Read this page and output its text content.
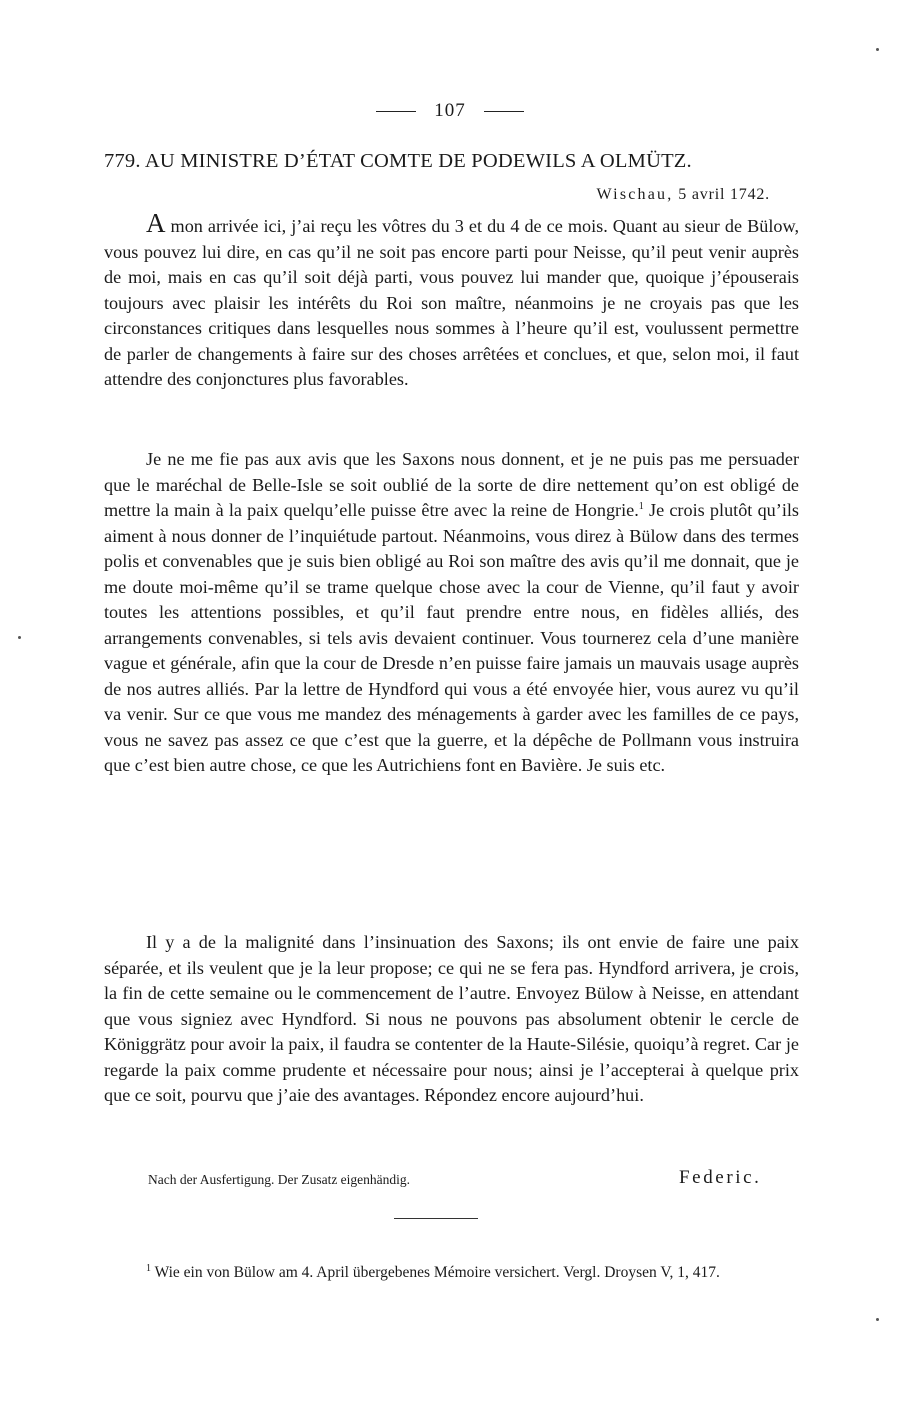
107
779. AU MINISTRE D’ÉTAT COMTE DE PODEWILS A OLMÜTZ.
Wischau, 5 avril 1742.

A mon arrivée ici, j’ai reçu les vôtres du 3 et du 4 de ce mois. Quant au sieur de Bülow, vous pouvez lui dire, en cas qu’il ne soit pas encore parti pour Neisse, qu’il peut venir auprès de moi, mais en cas qu’il soit déjà parti, vous pouvez lui mander que, quoique j’épouserais toujours avec plaisir les intérêts du Roi son maître, néanmoins je ne croyais pas que les circonstances critiques dans lesquelles nous sommes à l’heure qu’il est, voulussent permettre de parler de changements à faire sur des choses arrêtées et conclues, et que, selon moi, il faut attendre des conjonctures plus favorables.

Je ne me fie pas aux avis que les Saxons nous donnent, et je ne puis pas me persuader que le maréchal de Belle-Isle se soit oublié de la sorte de dire nettement qu’on est obligé de mettre la main à la paix quelqu’elle puisse être avec la reine de Hongrie.$^1$ Je crois plutôt qu’ils aiment à nous donner de l’inquiétude partout. Néanmoins, vous direz à Bülow dans des termes polis et convenables que je suis bien obligé au Roi son maître des avis qu’il me donnait, que je me doute moi-même qu’il se trame quelque chose avec la cour de Vienne, qu’il faut y avoir toutes les attentions possibles, et qu’il faut prendre entre nous, en fidèles alliés, des arrangements convenables, si tels avis devaient continuer. Vous tournerez cela d’une manière vague et générale, afin que la cour de Dresde n’en puisse faire jamais un mauvais usage auprès de nos autres alliés. Par la lettre de Hyndford qui vous a été envoyée hier, vous aurez vu qu’il va venir. Sur ce que vous me mandez des ménagements à garder avec les familles de ce pays, vous ne savez pas assez ce que c’est que la guerre, et la dépêche de Pollmann vous instruira que c’est bien autre chose, ce que les Autrichiens font en Bavière. Je suis etc.

Il y a de la malignité dans l’insinuation des Saxons; ils ont envie de faire une paix séparée, et ils veulent que je la leur propose; ce qui ne se fera pas. Hyndford arrivera, je crois, la fin de cette semaine ou le commencement de l’autre. Envoyez Bülow à Neisse, en attendant que vous signiez avec Hyndford. Si nous ne pouvons pas absolument obtenir le cercle de Königgrätz pour avoir la paix, il faudra se contenter de la Haute-Silésie, quoiqu’à regret. Car je regarde la paix comme prudente et nécessaire pour nous; ainsi je l’accepterai à quelque prix que ce soit, pourvu que j’aie des avantages. Répondez encore aujourd’hui.

Nach der Ausfertigung. Der Zusatz eigenhändig.	Federic.

$^1$ Wie ein von Bülow am 4. April übergebenes Mémoire versichert. Vergl. Droysen V, 1, 417.
